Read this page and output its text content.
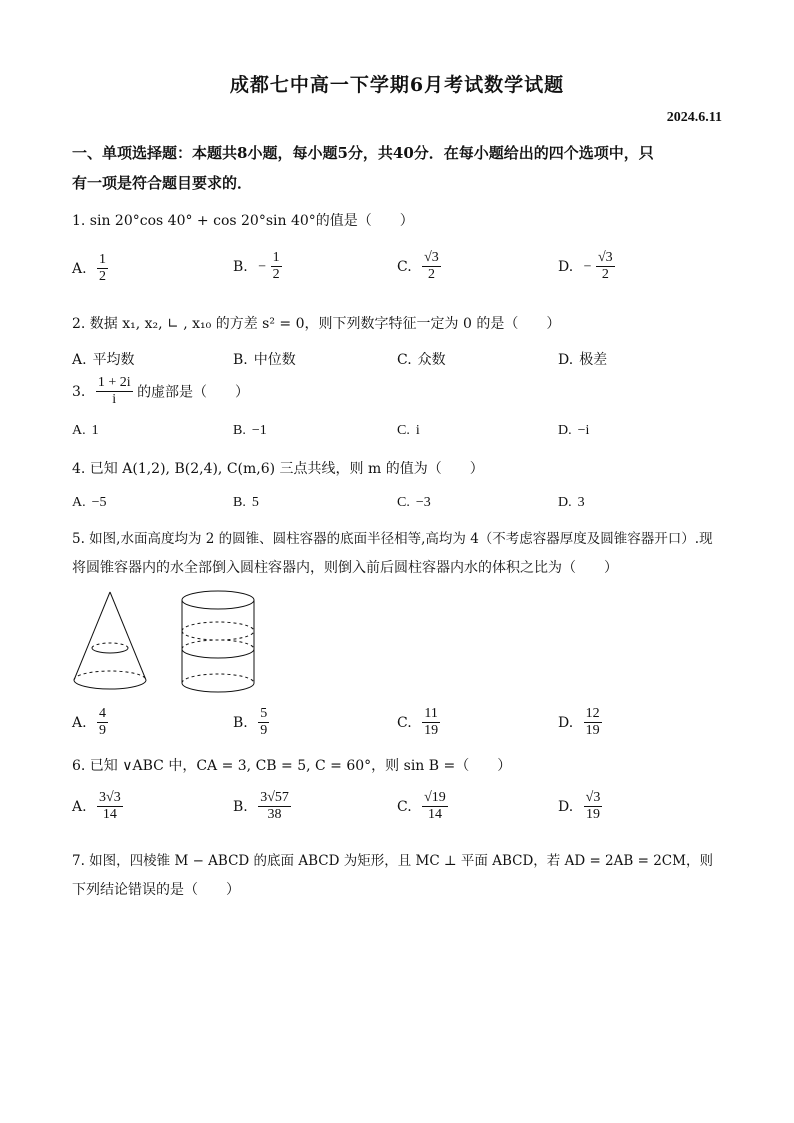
成都七中高一下学期6月考试数学试题
2024.6.11
一、单项选择题：本题共8小题，每小题5分，共40分．在每小题给出的四个选项中，只
有一项是符合题目要求的．
1. sin 20°cos 40° + cos 20°sin 40°的值是（　　）
A. $\frac{1}{2}$	B. − $\frac{1}{2}$	C. $\frac{√3}{2}$	D. − $\frac{√3}{2}$
2. 数据 x₁, x₂, ∟ , x₁₀ 的方差 s² = 0，则下列数字特征一定为 0 的是（　　）
A. 平均数	B. 中位数	C. 众数	D. 极差
3. $\frac{1 + 2i}{i}$ 的虚部是（　　）
A. 1	B. −1	C. i	D. −i
4. 已知 A(1,2), B(2,4), C(m,6) 三点共线，则 m 的值为（　　）
A. −5	B. 5	C. −3	D. 3
5. 如图,水面高度均为 2 的圆锥、圆柱容器的底面半径相等,高均为 4（不考虑容器厚度及圆锥容器开口）.现
将圆锥容器内的水全部倒入圆柱容器内，则倒入前后圆柱容器内水的体积之比为（　　）
A. $\frac{4}{9}$	B. $\frac{5}{9}$	C. $\frac{11}{19}$	D. $\frac{12}{19}$
6. 已知 ∨ABC 中，CA = 3, CB = 5, C = 60°，则 sin B =（　　）
A. $\frac{3√3}{14}$	B. $\frac{3√57}{38}$	C. $\frac{√19}{14}$	D. $\frac{√3}{19}$
7. 如图，四棱锥 M − ABCD 的底面 ABCD 为矩形，且 MC ⊥ 平面 ABCD，若 AD = 2AB = 2CM，则
下列结论错误的是（　　）
